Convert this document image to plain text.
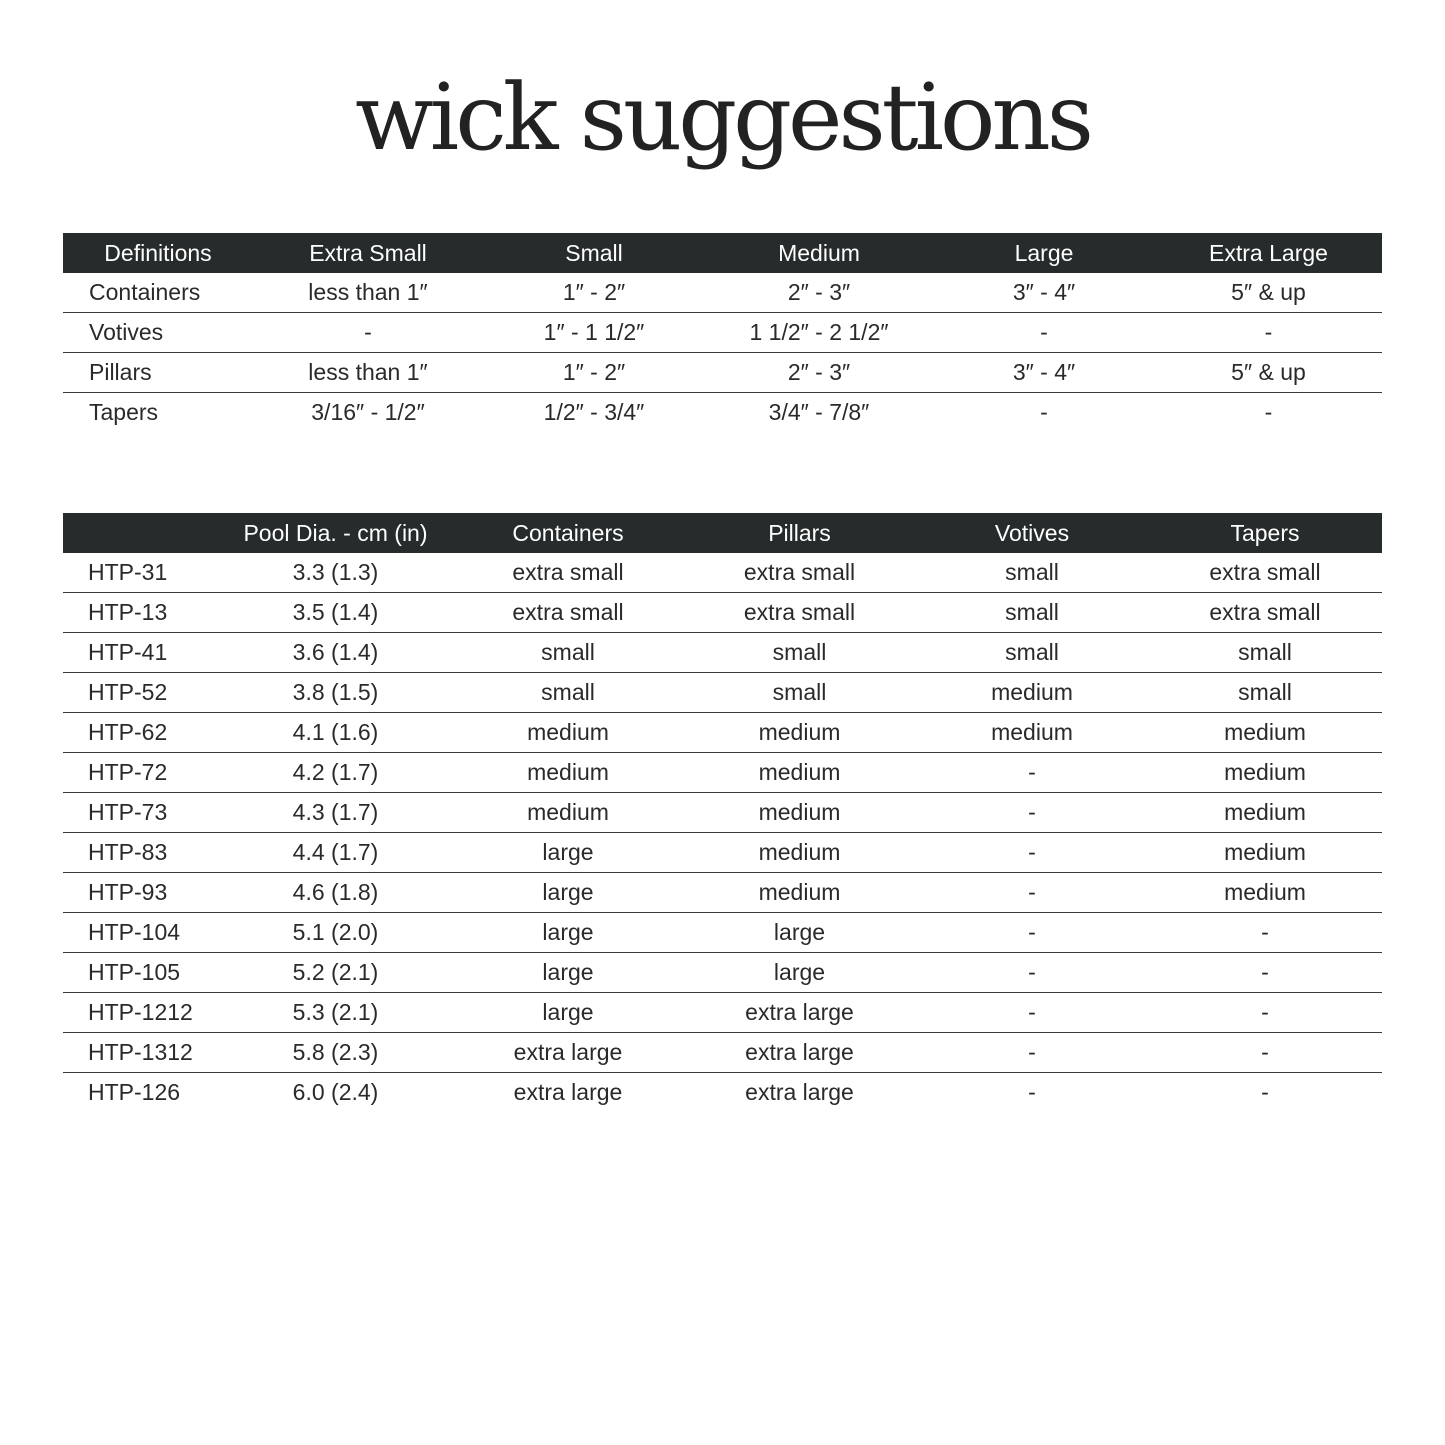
wick suggestions
Definitions	Extra Small	Small	Medium	Large	Extra Large
Containers	less than 1″	1″ - 2″	2″ - 3″	3″ - 4″	5″ & up
Votives	-	1″ - 1 1/2″	1 1/2″ - 2 1/2″	-	-
Pillars	less than 1″	1″ - 2″	2″ - 3″	3″ - 4″	5″ & up
Tapers	3/16″ - 1/2″	1/2″ - 3/4″	3/4″ - 7/8″	-	-
	Pool Dia. - cm (in)	Containers	Pillars	Votives	Tapers
HTP-31	3.3 (1.3)	extra small	extra small	small	extra small
HTP-13	3.5 (1.4)	extra small	extra small	small	extra small
HTP-41	3.6 (1.4)	small	small	small	small
HTP-52	3.8 (1.5)	small	small	medium	small
HTP-62	4.1 (1.6)	medium	medium	medium	medium
HTP-72	4.2 (1.7)	medium	medium	-	medium
HTP-73	4.3 (1.7)	medium	medium	-	medium
HTP-83	4.4 (1.7)	large	medium	-	medium
HTP-93	4.6 (1.8)	large	medium	-	medium
HTP-104	5.1 (2.0)	large	large	-	-
HTP-105	5.2 (2.1)	large	large	-	-
HTP-1212	5.3 (2.1)	large	extra large	-	-
HTP-1312	5.8 (2.3)	extra large	extra large	-	-
HTP-126	6.0 (2.4)	extra large	extra large	-	-
